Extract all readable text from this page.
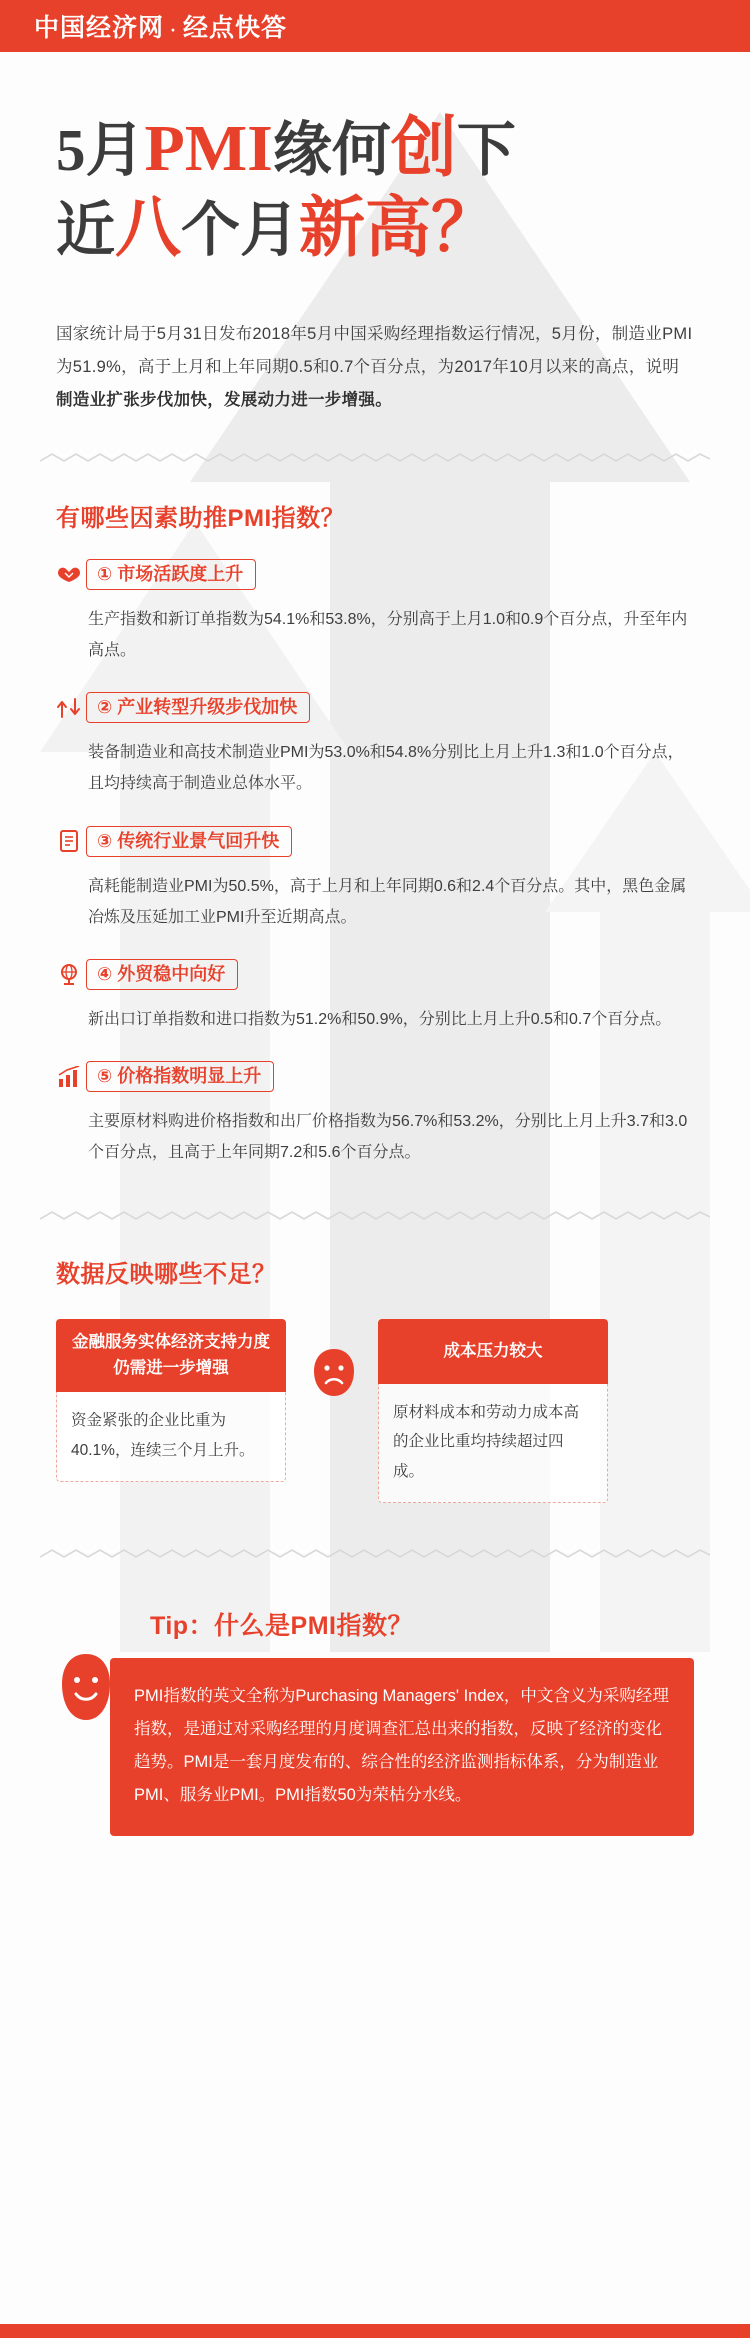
中国经济网 · 经点快答
5月PMI缘何创下
近八个月新高？
国家统计局于5月31日发布2018年5月中国采购经理指数运行情况，5月份，制造业PMI为51.9%，高于上月和上年同期0.5和0.7个百分点，为2017年10月以来的高点，说明制造业扩张步伐加快，发展动力进一步增强。
有哪些因素助推PMI指数？
① 市场活跃度上升
生产指数和新订单指数为54.1%和53.8%，分别高于上月1.0和0.9个百分点，升至年内高点。
② 产业转型升级步伐加快
装备制造业和高技术制造业PMI为53.0%和54.8%分别比上月上升1.3和1.0个百分点，且均持续高于制造业总体水平。
③ 传统行业景气回升快
高耗能制造业PMI为50.5%，高于上月和上年同期0.6和2.4个百分点。其中，黑色金属冶炼及压延加工业PMI升至近期高点。
④ 外贸稳中向好
新出口订单指数和进口指数为51.2%和50.9%，分别比上月上升0.5和0.7个百分点。
⑤ 价格指数明显上升
主要原材料购进价格指数和出厂价格指数为56.7%和53.2%，分别比上月上升3.7和3.0个百分点，且高于上年同期7.2和5.6个百分点。
数据反映哪些不足？
金融服务实体经济支持力度仍需进一步增强
资金紧张的企业比重为40.1%，连续三个月上升。
成本压力较大
原材料成本和劳动力成本高的企业比重均持续超过四成。
Tip：什么是PMI指数？
PMI指数的英文全称为Purchasing Managers' Index，中文含义为采购经理指数，是通过对采购经理的月度调查汇总出来的指数，反映了经济的变化趋势。PMI是一套月度发布的、综合性的经济监测指标体系，分为制造业PMI、服务业PMI。PMI指数50为荣枯分水线。
